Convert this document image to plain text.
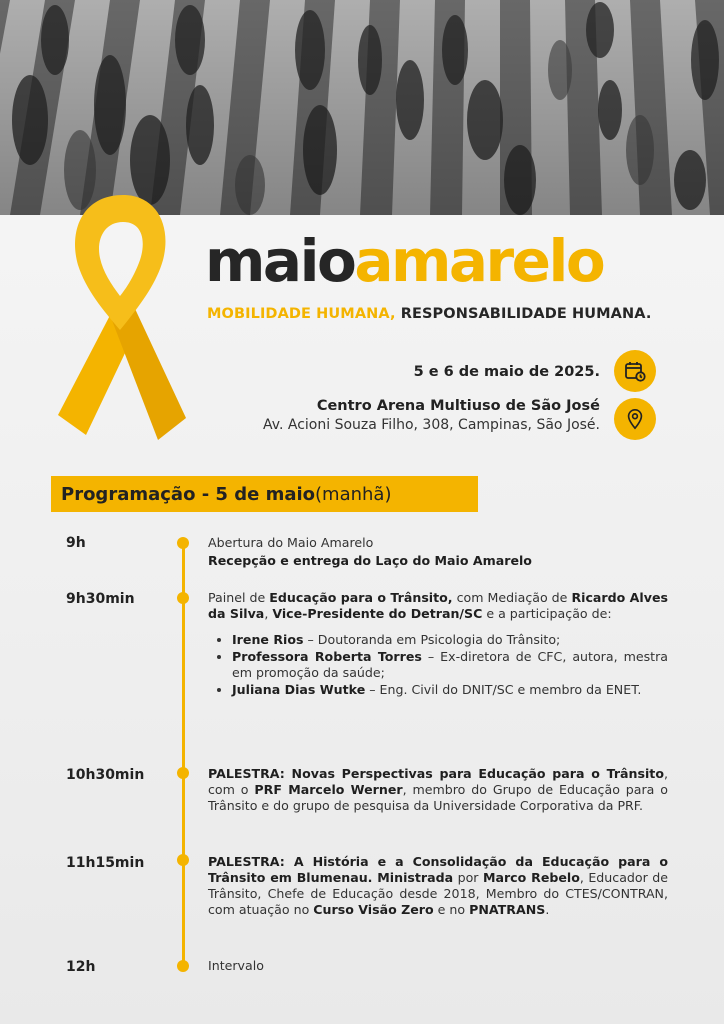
maioamarelo
MOBILIDADE HUMANA, RESPONSABILIDADE HUMANA.
5 e 6 de maio de 2025.
Centro Arena Multiuso de São José
Av. Acioni Souza Filho, 308, Campinas, São José.
Programação - 5 de maio (manhã)
9h	Abertura do Maio Amarelo
Recepção e entrega do Laço do Maio Amarelo
9h30min	Painel de Educação para o Trânsito, com Mediação de Ricardo Alves da Silva, Vice-Presidente do Detran/SC e a participação de:
• Irene Rios – Doutoranda em Psicologia do Trânsito;
• Professora Roberta Torres – Ex-diretora de CFC, autora, mestra em promoção da saúde;
• Juliana Dias Wutke – Eng. Civil do DNIT/SC e membro da ENET.
10h30min	PALESTRA: Novas Perspectivas para Educação para o Trânsito, com o PRF Marcelo Werner, membro do Grupo de Educação para o Trânsito e do grupo de pesquisa da Universidade Corporativa da PRF.
11h15min	PALESTRA: A História e a Consolidação da Educação para o Trânsito em Blumenau. Ministrada por Marco Rebelo, Educador de Trânsito, Chefe de Educação desde 2018, Membro do CTES/CONTRAN, com atuação no Curso Visão Zero e no PNATRANS.
12h	Intervalo
